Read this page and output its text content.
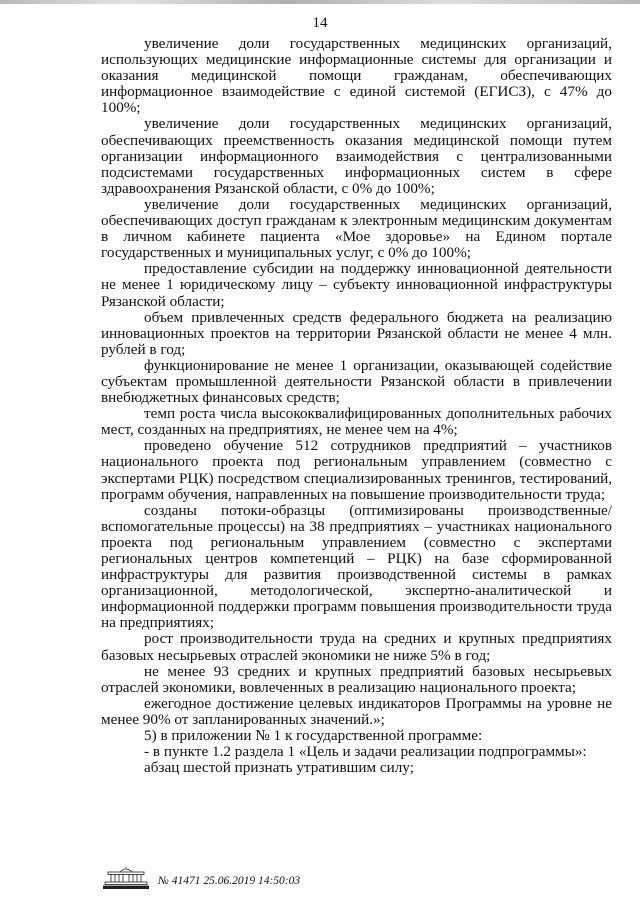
14

увеличение доли государственных медицинских организаций, использующих медицинские информационные системы для организации и оказания медицинской помощи гражданам, обеспечивающих информационное взаимодействие с единой системой (ЕГИСЗ), с 47% до 100%;

увеличение доли государственных медицинских организаций, обеспечивающих преемственность оказания медицинской помощи путем организации информационного взаимодействия с централизованными подсистемами государственных информационных систем в сфере здравоохранения Рязанской области, с 0% до 100%;

увеличение доли государственных медицинских организаций, обеспечивающих доступ гражданам к электронным медицинским документам в личном кабинете пациента «Мое здоровье» на Едином портале государственных и муниципальных услуг, с 0% до 100%;

предоставление субсидии на поддержку инновационной деятельности не менее 1 юридическому лицу – субъекту инновационной инфраструктуры Рязанской области;

объем привлеченных средств федерального бюджета на реализацию инновационных проектов на территории Рязанской области не менее 4 млн. рублей в год;

функционирование не менее 1 организации, оказывающей содействие субъектам промышленной деятельности Рязанской области в привлечении внебюджетных финансовых средств;

темп роста числа высококвалифицированных дополнительных рабочих мест, созданных на предприятиях, не менее чем на 4%;

проведено обучение 512 сотрудников предприятий – участников национального проекта под региональным управлением (совместно с экспертами РЦК) посредством специализированных тренингов, тестирований, программ обучения, направленных на повышение производительности труда;

созданы потоки-образцы (оптимизированы производственные/ вспомогательные процессы) на 38 предприятиях – участниках национального проекта под региональным управлением (совместно с экспертами региональных центров компетенций – РЦК) на базе сформированной инфраструктуры для развития производственной системы в рамках организационной, методологической, экспертно-аналитической и информационной поддержки программ повышения производительности труда на предприятиях;

рост производительности труда на средних и крупных предприятиях базовых несырьевых отраслей экономики не ниже 5% в год;

не менее 93 средних и крупных предприятий базовых несырьевых отраслей экономики, вовлеченных в реализацию национального проекта;

ежегодное достижение целевых индикаторов Программы на уровне не менее 90% от запланированных значений.»;

5) в приложении № 1 к государственной программе:

- в пункте 1.2 раздела 1 «Цель и задачи реализации подпрограммы»:

абзац шестой признать утратившим силу;

№ 41471 25.06.2019 14:50:03
